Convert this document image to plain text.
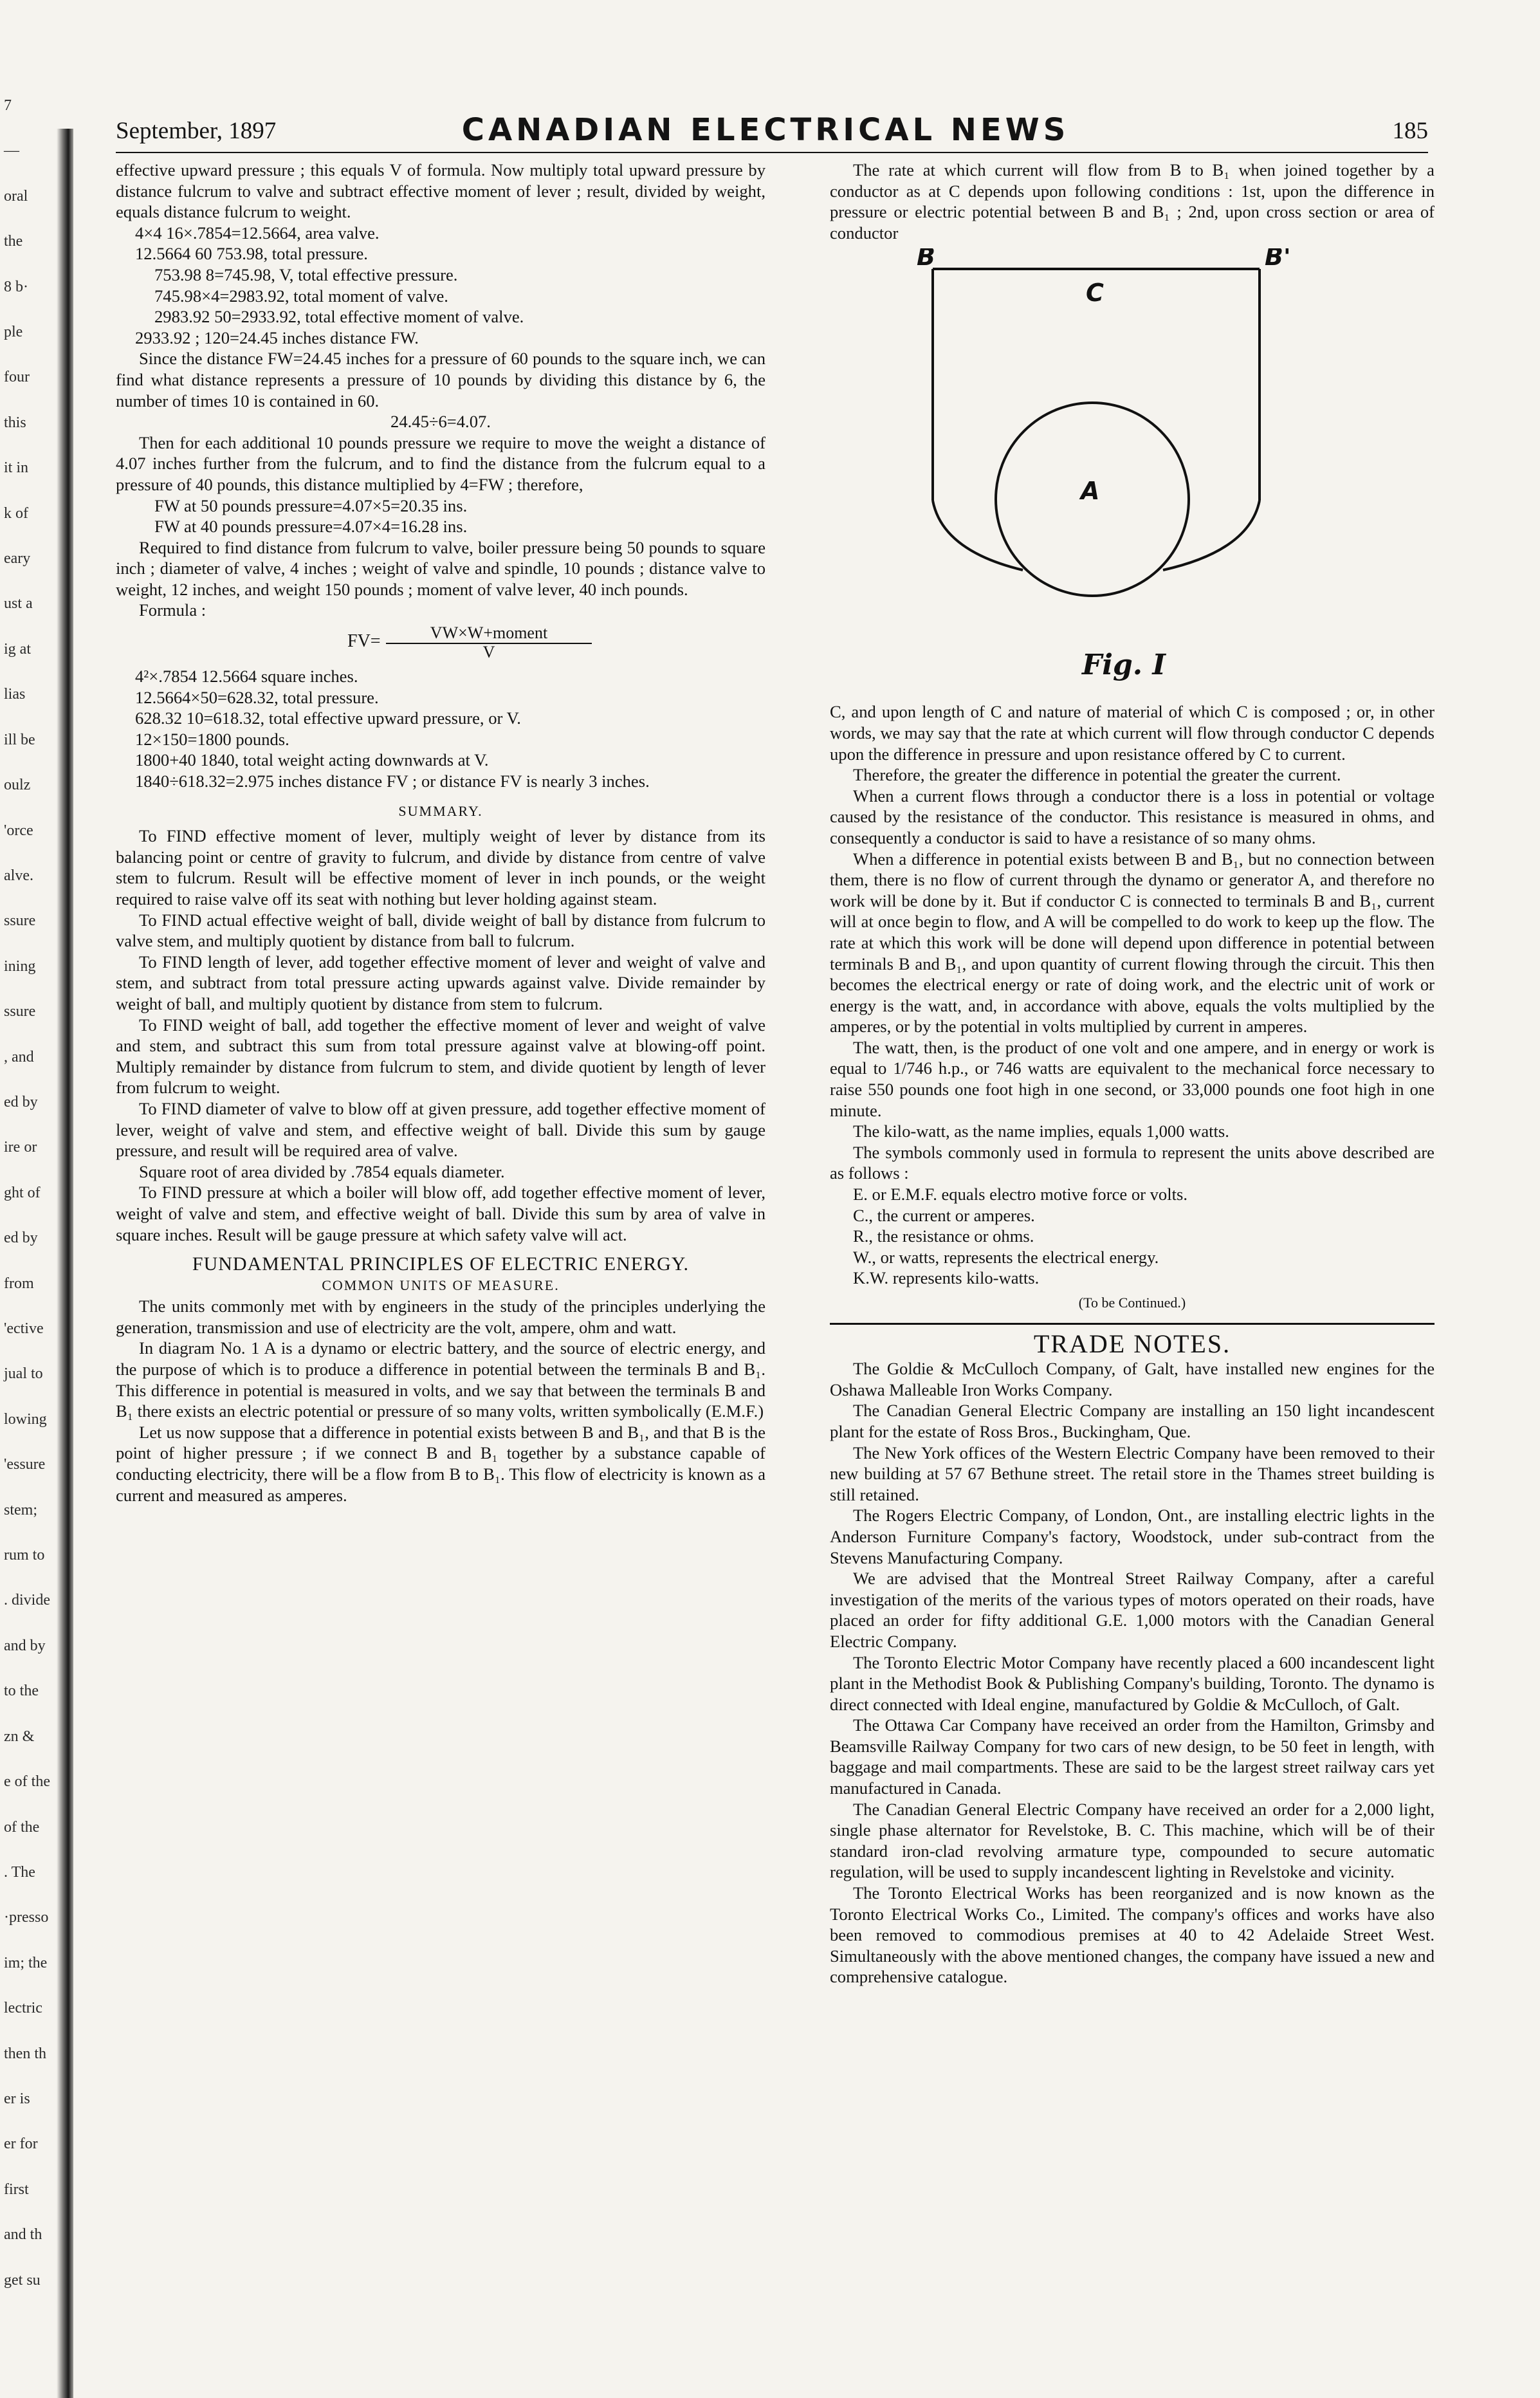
7
—
oral
the
8 b·
ple
four
this
it in
k of
eary
ust a
ig at
lias
ill be
oulz
'orce
alve.
ssure
ining
ssure
, and
ed by
ire or
ght of
ed by
from
'ective
jual to
lowing
'essure
stem;
rum to
. divide
and by
to the
zn &
e of the
of the
. The
·presso
im; the
lectric
then th
er is
er for
first
and th
get su
September, 1897	CANADIAN ELECTRICAL NEWS	185

effective upward pressure ; this equals V of formula. Now multiply total upward pressure by distance fulcrum to valve and subtract effective moment of lever ; result, divided by weight, equals distance fulcrum to weight.

4×4 16×.7854=12.5664, area valve.

12.5664 60 753.98, total pressure.

753.98 8=745.98, V, total effective pressure.

745.98×4=2983.92, total moment of valve.

2983.92 50=2933.92, total effective moment of valve.

2933.92 ; 120=24.45 inches distance FW.

Since the distance FW=24.45 inches for a pressure of 60 pounds to the square inch, we can find what distance represents a pressure of 10 pounds by dividing this distance by 6, the number of times 10 is contained in 60.

24.45÷6=4.07.

Then for each additional 10 pounds pressure we require to move the weight a distance of 4.07 inches further from the fulcrum, and to find the distance from the fulcrum equal to a pressure of 40 pounds, this distance multiplied by 4=FW ; therefore,

FW at 50 pounds pressure=4.07×5=20.35 ins.

FW at 40 pounds pressure=4.07×4=16.28 ins.

Required to find distance from fulcrum to valve, boiler pressure being 50 pounds to square inch ; diameter of valve, 4 inches ; weight of valve and spindle, 10 pounds ; distance valve to weight, 12 inches, and weight 150 pounds ; moment of valve lever, 40 inch pounds.

Formula :

FV=	VW×W+moment
V

4²×.7854 12.5664 square inches.

12.5664×50=628.32, total pressure.

628.32 10=618.32, total effective upward pressure, or V.

12×150=1800 pounds.

1800+40 1840, total weight acting downwards at V.

1840÷618.32=2.975 inches distance FV ; or distance FV is nearly 3 inches.

SUMMARY.

To FIND effective moment of lever, multiply weight of lever by distance from its balancing point or centre of gravity to fulcrum, and divide by distance from centre of valve stem to fulcrum. Result will be effective moment of lever in inch pounds, or the weight required to raise valve off its seat with nothing but lever holding against steam.

To FIND actual effective weight of ball, divide weight of ball by distance from fulcrum to valve stem, and multiply quotient by distance from ball to fulcrum.

To FIND length of lever, add together effective moment of lever and weight of valve and stem, and subtract from total pressure acting upwards against valve. Divide remainder by weight of ball, and multiply quotient by distance from stem to fulcrum.

To FIND weight of ball, add together the effective moment of lever and weight of valve and stem, and subtract this sum from total pressure against valve at blowing-off point. Multiply remainder by distance from fulcrum to stem, and divide quotient by length of lever from fulcrum to weight.

To FIND diameter of valve to blow off at given pressure, add together effective moment of lever, weight of valve and stem, and effective weight of ball. Divide this sum by gauge pressure, and result will be required area of valve.

Square root of area divided by .7854 equals diameter.

To FIND pressure at which a boiler will blow off, add together effective moment of lever, weight of valve and stem, and effective weight of ball. Divide this sum by area of valve in square inches. Result will be gauge pressure at which safety valve will act.

FUNDAMENTAL PRINCIPLES OF ELECTRIC ENERGY.

COMMON UNITS OF MEASURE.

The units commonly met with by engineers in the study of the principles underlying the generation, transmission and use of electricity are the volt, ampere, ohm and watt.

In diagram No. 1 A is a dynamo or electric battery, and the source of electric energy, and the purpose of which is to produce a difference in potential between the terminals B and B₁. This difference in potential is measured in volts, and we say that between the terminals B and B₁ there exists an electric potential or pressure of so many volts, written symbolically (E.M.F.)

Let us now suppose that a difference in potential exists between B and B₁, and that B is the point of higher pressure ; if we connect B and B₁ together by a substance capable of conducting electricity, there will be a flow from B to B₁. This flow of electricity is known as a current and measured as amperes.

The rate at which current will flow from B to B₁ when joined together by a conductor as at C depends upon following conditions : 1st, upon the difference in pressure or electric potential between B and B₁ ; 2nd, upon cross section or area of conductor

B	B'
C
A
Fig. I

C, and upon length of C and nature of material of which C is composed ; or, in other words, we may say that the rate at which current will flow through conductor C depends upon the difference in pressure and upon resistance offered by C to current.

Therefore, the greater the difference in potential the greater the current.

When a current flows through a conductor there is a loss in potential or voltage caused by the resistance of the conductor. This resistance is measured in ohms, and consequently a conductor is said to have a resistance of so many ohms.

When a difference in potential exists between B and B₁, but no connection between them, there is no flow of current through the dynamo or generator A, and therefore no work will be done by it. But if conductor C is connected to terminals B and B₁, current will at once begin to flow, and A will be compelled to do work to keep up the flow. The rate at which this work will be done will depend upon difference in potential between terminals B and B₁, and upon quantity of current flowing through the circuit. This then becomes the electrical energy or rate of doing work, and the electric unit of work or energy is the watt, and, in accordance with above, equals the volts multiplied by the amperes, or by the potential in volts multiplied by current in amperes.

The watt, then, is the product of one volt and one ampere, and in energy or work is equal to 1/746 h.p., or 746 watts are equivalent to the mechanical force necessary to raise 550 pounds one foot high in one second, or 33,000 pounds one foot high in one minute.

The kilo-watt, as the name implies, equals 1,000 watts.

The symbols commonly used in formula to represent the units above described are as follows :

E. or E.M.F. equals electro motive force or volts.

C., the current or amperes.

R., the resistance or ohms.

W., or watts, represents the electrical energy.

K.W. represents kilo-watts.

(To be Continued.)

TRADE NOTES.

The Goldie & McCulloch Company, of Galt, have installed new engines for the Oshawa Malleable Iron Works Company.

The Canadian General Electric Company are installing an 150 light incandescent plant for the estate of Ross Bros., Buckingham, Que.

The New York offices of the Western Electric Company have been removed to their new building at 57 67 Bethune street. The retail store in the Thames street building is still retained.

The Rogers Electric Company, of London, Ont., are installing electric lights in the Anderson Furniture Company's factory, Woodstock, under sub-contract from the Stevens Manufacturing Company.

We are advised that the Montreal Street Railway Company, after a careful investigation of the merits of the various types of motors operated on their roads, have placed an order for fifty additional G.E. 1,000 motors with the Canadian General Electric Company.

The Toronto Electric Motor Company have recently placed a 600 incandescent light plant in the Methodist Book & Publishing Company's building, Toronto. The dynamo is direct connected with Ideal engine, manufactured by Goldie & McCulloch, of Galt.

The Ottawa Car Company have received an order from the Hamilton, Grimsby and Beamsville Railway Company for two cars of new design, to be 50 feet in length, with baggage and mail compartments. These are said to be the largest street railway cars yet manufactured in Canada.

The Canadian General Electric Company have received an order for a 2,000 light, single phase alternator for Revelstoke, B. C. This machine, which will be of their standard iron-clad revolving armature type, compounded to secure automatic regulation, will be used to supply incandescent lighting in Revelstoke and vicinity.

The Toronto Electrical Works has been reorganized and is now known as the Toronto Electrical Works Co., Limited. The company's offices and works have also been removed to commodious premises at 40 to 42 Adelaide Street West. Simultaneously with the above mentioned changes, the company have issued a new and comprehensive catalogue.
